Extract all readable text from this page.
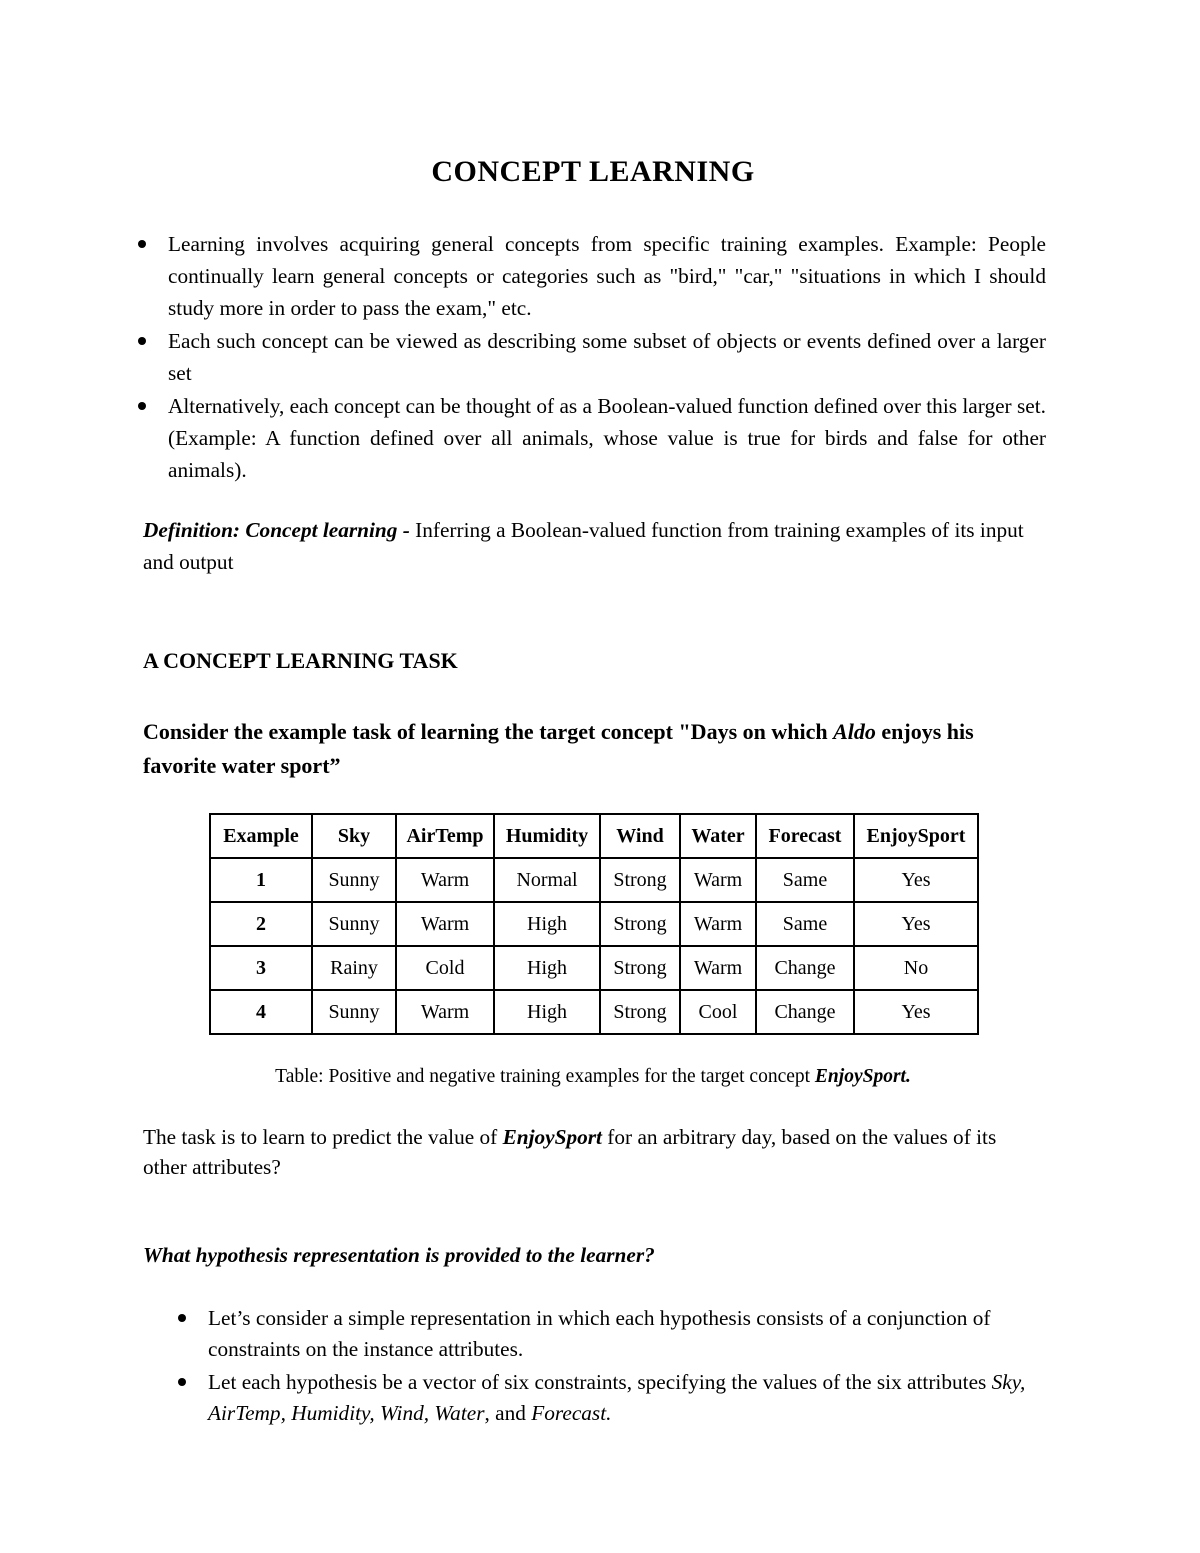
CONCEPT LEARNING
Learning involves acquiring general concepts from specific training examples. Example: People continually learn general concepts or categories such as "bird," "car," "situations in which I should study more in order to pass the exam," etc.
Each such concept can be viewed as describing some subset of objects or events defined over a larger set
Alternatively, each concept can be thought of as a Boolean-valued function defined over this larger set. (Example: A function defined over all animals, whose value is true for birds and false for other animals).

Definition: Concept learning - Inferring a Boolean-valued function from training examples of its input and output

A CONCEPT LEARNING TASK

Consider the example task of learning the target concept "Days on which Aldo enjoys his favorite water sport”

Example	Sky	AirTemp	Humidity	Wind	Water	Forecast	EnjoySport
1	Sunny	Warm	Normal	Strong	Warm	Same	Yes
2	Sunny	Warm	High	Strong	Warm	Same	Yes
3	Rainy	Cold	High	Strong	Warm	Change	No
4	Sunny	Warm	High	Strong	Cool	Change	Yes

Table: Positive and negative training examples for the target concept EnjoySport.

The task is to learn to predict the value of EnjoySport for an arbitrary day, based on the values of its other attributes?

What hypothesis representation is provided to the learner?

Let’s consider a simple representation in which each hypothesis consists of a conjunction of constraints on the instance attributes.
Let each hypothesis be a vector of six constraints, specifying the values of the six attributes Sky, AirTemp, Humidity, Wind, Water, and Forecast.
